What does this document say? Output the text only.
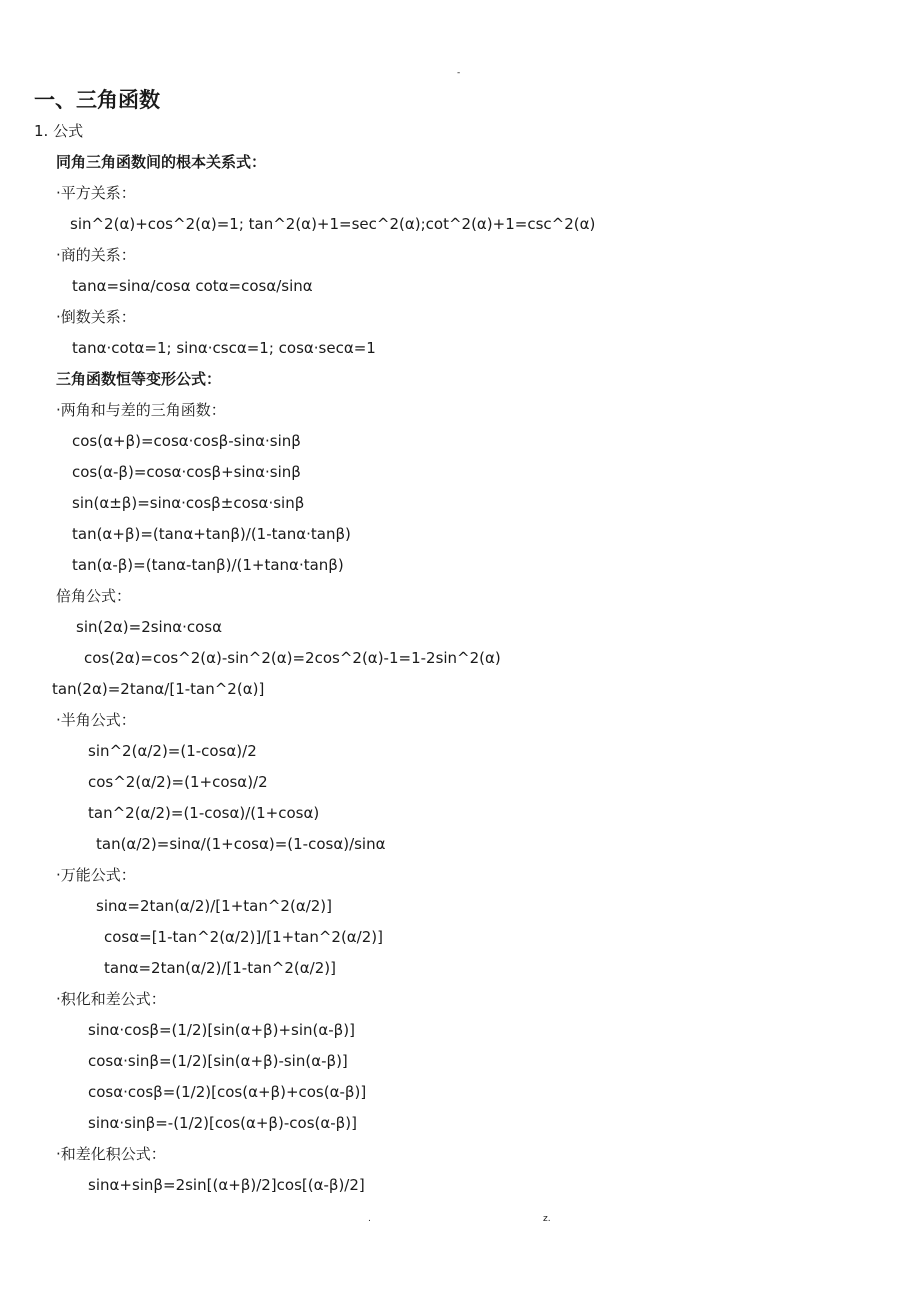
-
一、三角函数
1. 公式
同角三角函数间的根本关系式：
·平方关系：
sin^2(α)+cos^2(α)=1; tan^2(α)+1=sec^2(α);cot^2(α)+1=csc^2(α)
·商的关系：
tanα=sinα/cosα cotα=cosα/sinα
·倒数关系：
tanα·cotα=1; sinα·cscα=1; cosα·secα=1
三角函数恒等变形公式：
·两角和与差的三角函数：
cos(α+β)=cosα·cosβ-sinα·sinβ
cos(α-β)=cosα·cosβ+sinα·sinβ
sin(α±β)=sinα·cosβ±cosα·sinβ
tan(α+β)=(tanα+tanβ)/(1-tanα·tanβ)
tan(α-β)=(tanα-tanβ)/(1+tanα·tanβ)
倍角公式：
sin(2α)=2sinα·cosα
cos(2α)=cos^2(α)-sin^2(α)=2cos^2(α)-1=1-2sin^2(α)
tan(2α)=2tanα/[1-tan^2(α)]
·半角公式：
sin^2(α/2)=(1-cosα)/2
cos^2(α/2)=(1+cosα)/2
tan^2(α/2)=(1-cosα)/(1+cosα)
tan(α/2)=sinα/(1+cosα)=(1-cosα)/sinα
·万能公式：
sinα=2tan(α/2)/[1+tan^2(α/2)]
cosα=[1-tan^2(α/2)]/[1+tan^2(α/2)]
tanα=2tan(α/2)/[1-tan^2(α/2)]
·积化和差公式：
sinα·cosβ=(1/2)[sin(α+β)+sin(α-β)]
cosα·sinβ=(1/2)[sin(α+β)-sin(α-β)]
cosα·cosβ=(1/2)[cos(α+β)+cos(α-β)]
sinα·sinβ=-(1/2)[cos(α+β)-cos(α-β)]
·和差化积公式：
sinα+sinβ=2sin[(α+β)/2]cos[(α-β)/2]
.	z.
